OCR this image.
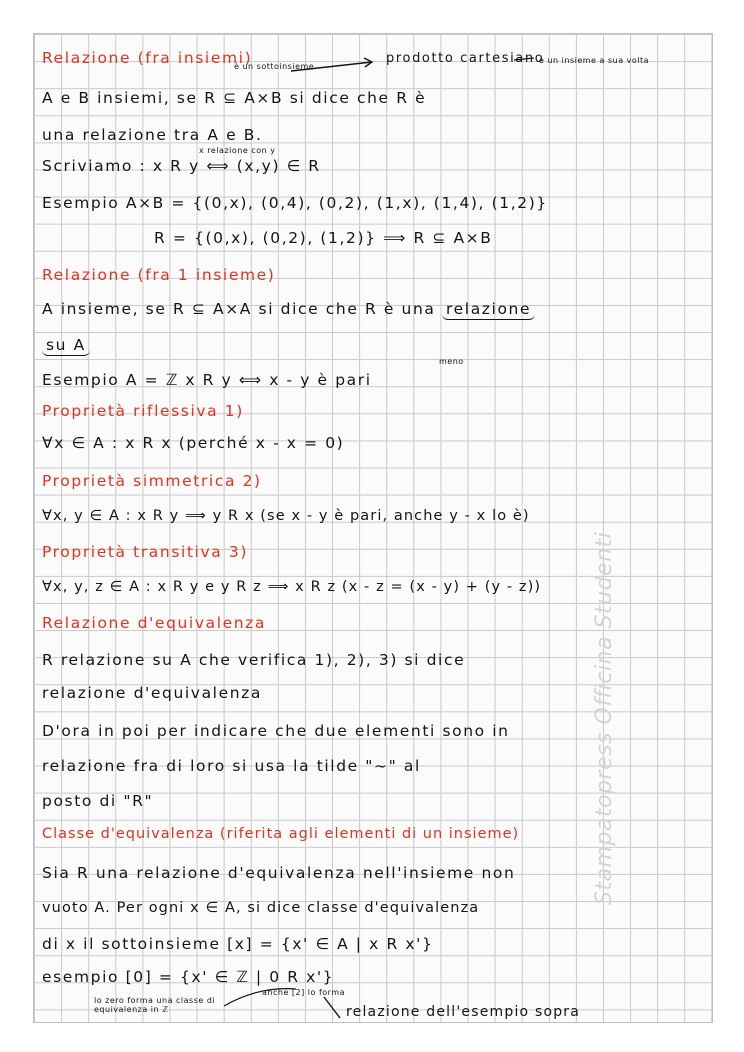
Relazione (fra insiemi)
è un sottoinsieme
prodotto cartesiano
è un insieme a sua volta
A e B insiemi, se R ⊆ A×B si dice che R è
una relazione tra A e B.
x relazione con y
Scriviamo : x R y ⟺ (x,y) ∈ R
Esempio A×B = {(0,x), (0,4), (0,2), (1,x), (1,4), (1,2)}
R = {(0,x), (0,2), (1,2)} ⟹ R ⊆ A×B
Relazione (fra 1 insieme)
A insieme, se R ⊆ A×A si dice che R è una relazione
su A
meno
Esempio A = ℤ x R y ⟺ x - y è pari
Proprietà riflessiva 1)
∀x ∈ A : x R x (perché x - x = 0)
Proprietà simmetrica 2)
∀x, y ∈ A : x R y ⟹ y R x (se x - y è pari, anche y - x lo è)
Proprietà transitiva 3)
∀x, y, z ∈ A : x R y e y R z ⟹ x R z (x - z = (x - y) + (y - z))
Relazione d'equivalenza
R relazione su A che verifica 1), 2), 3) si dice
relazione d'equivalenza
D'ora in poi per indicare che due elementi sono in
relazione fra di loro si usa la tilde "~" al
posto di "R"
Classe d'equivalenza (riferita agli elementi di un insieme)
Sia R una relazione d'equivalenza nell'insieme non
vuoto A. Per ogni x ∈ A, si dice classe d'equivalenza
di x il sottoinsieme [x] = {x' ∈ A | x R x'}
esempio [0] = {x' ∈ ℤ | 0 R x'}
lo zero forma una classe di equivalenza in ℤ
anche [2] lo forma
relazione dell'esempio sopra
Stampatopress Officina Studenti
